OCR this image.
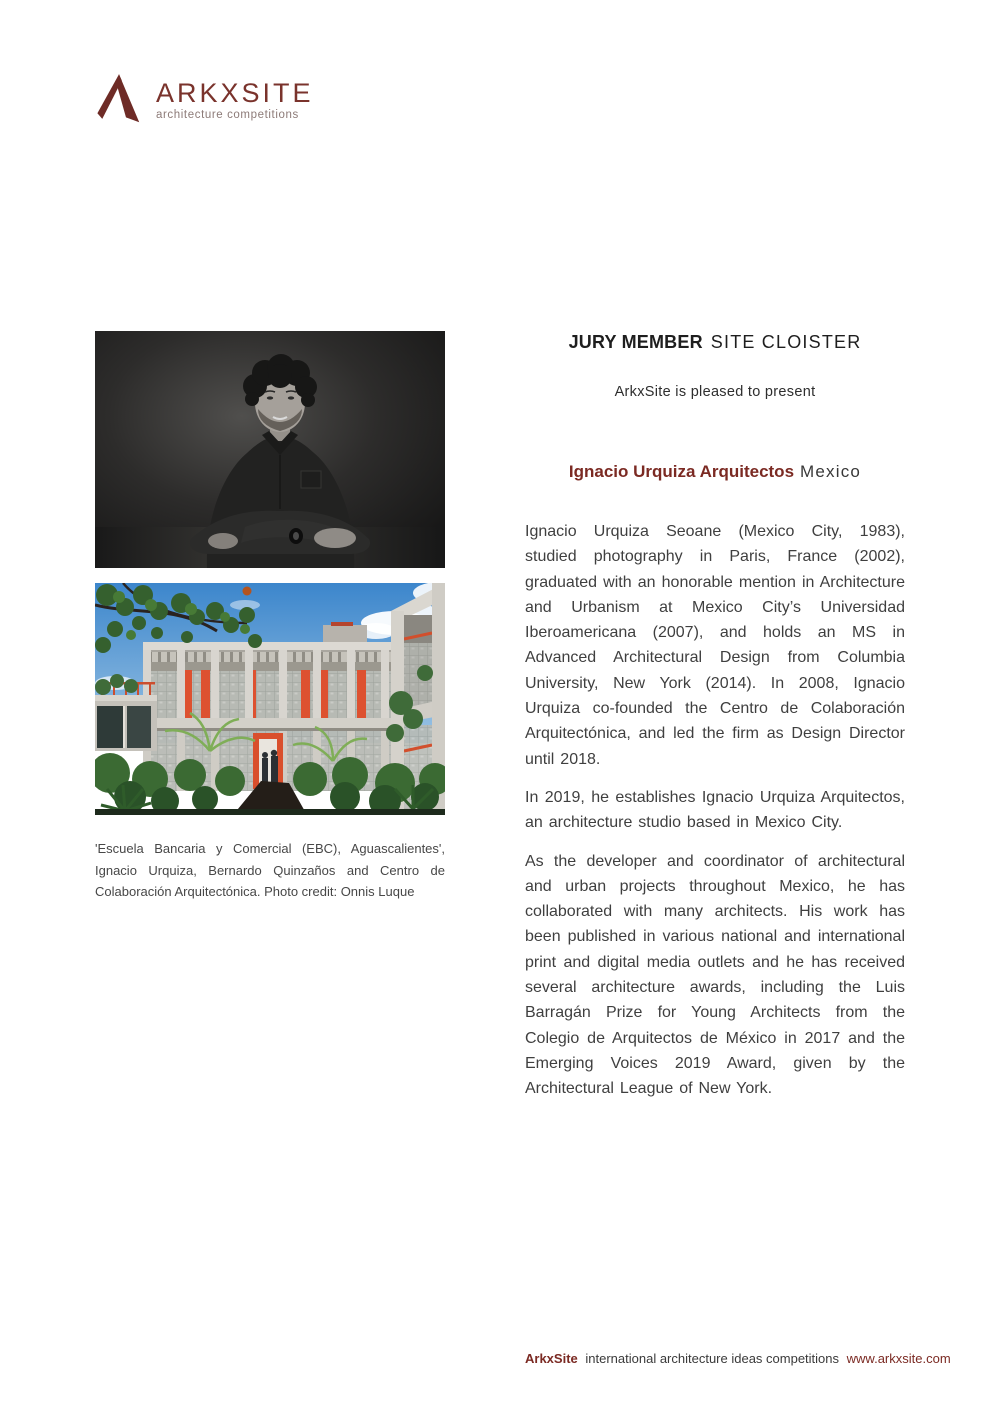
ARKXSITE
architecture competitions
'Escuela Bancaria y Comercial (EBC), Aguascalientes', Ignacio Urquiza, Bernardo Quinzaños and Centro de Colaboración Arquitectónica. Photo credit: Onnis Luque
JURY MEMBER SITE CLOISTER
ArkxSite is pleased to present
Ignacio Urquiza Arquitectos Mexico

Ignacio Urquiza Seoane (Mexico City, 1983), studied photography in Paris, France (2002), graduated with an honorable mention in Architecture and Urbanism at Mexico City’s Universidad Iberoamericana (2007), and holds an MS in Advanced Architectural Design from Columbia University, New York (2014). In 2008, Ignacio Urquiza co-founded the Centro de Colaboración Arquitectónica, and led the firm as Design Director until 2018.

In 2019, he establishes Ignacio Urquiza Arquitectos, an architecture studio based in Mexico City.

As the developer and coordinator of architectural and urban projects throughout Mexico, he has collaborated with many architects. His work has been published in various national and international print and digital media outlets and he has received several architecture awards, including the Luis Barragán Prize for Young Architects from the Colegio de Arquitectos de México in 2017 and the Emerging Voices 2019 Award, given by the Architectural League of New York.

ArkxSite international architecture ideas competitions www.arkxsite.com
